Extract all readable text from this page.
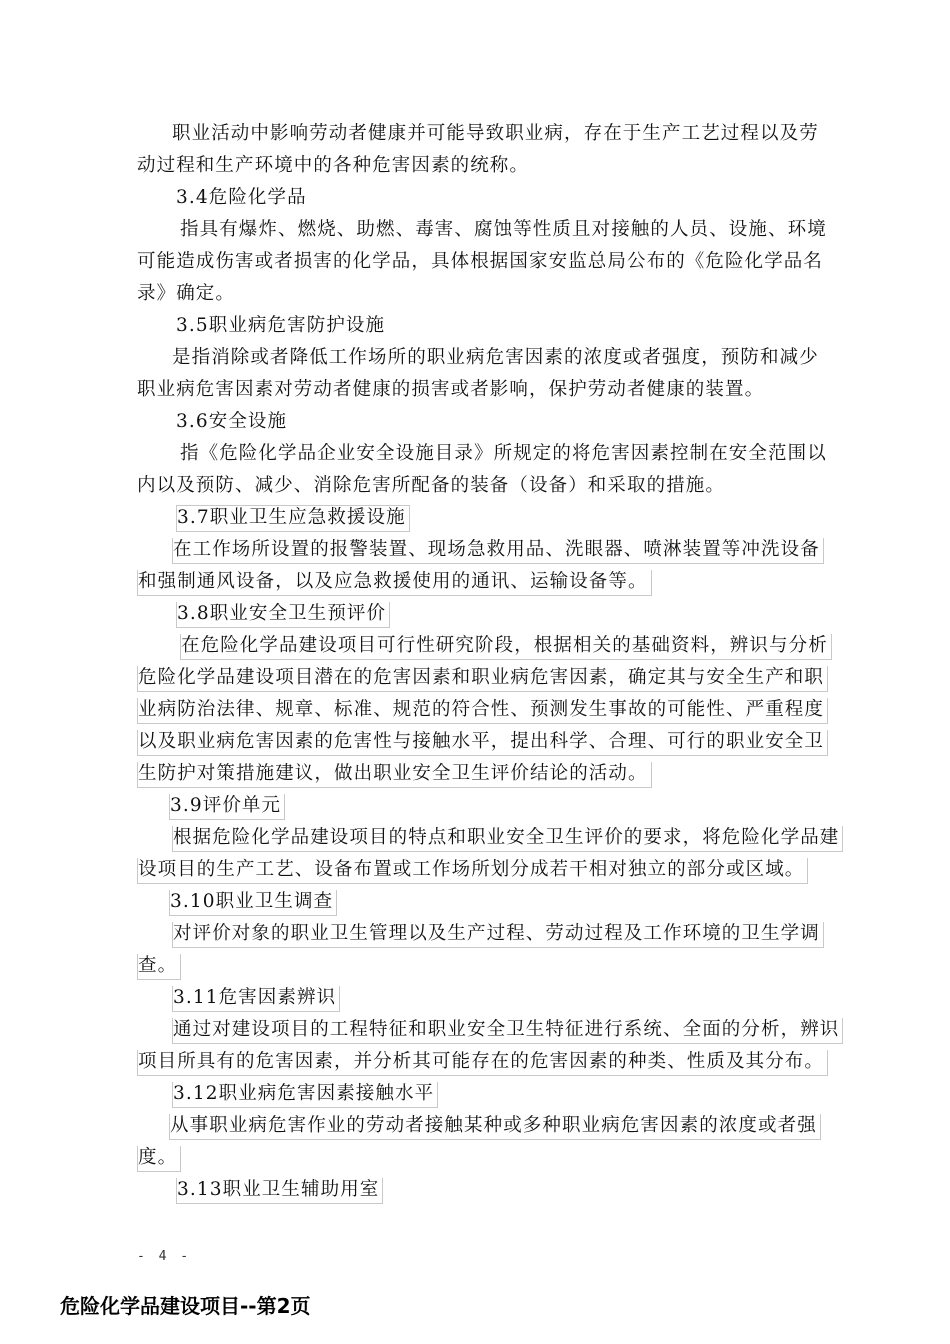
职业活动中影响劳动者健康并可能导致职业病，存在于生产工艺过程以及劳
动过程和生产环境中的各种危害因素的统称。
3.4危险化学品
指具有爆炸、燃烧、助燃、毒害、腐蚀等性质且对接触的人员、设施、环境
可能造成伤害或者损害的化学品，具体根据国家安监总局公布的《危险化学品名
录》确定。
3.5职业病危害防护设施
是指消除或者降低工作场所的职业病危害因素的浓度或者强度，预防和减少
职业病危害因素对劳动者健康的损害或者影响，保护劳动者健康的装置。
3.6安全设施
指《危险化学品企业安全设施目录》所规定的将危害因素控制在安全范围以
内以及预防、减少、消除危害所配备的装备（设备）和采取的措施。
3.7职业卫生应急救援设施
在工作场所设置的报警装置、现场急救用品、洗眼器、喷淋装置等冲洗设备
和强制通风设备，以及应急救援使用的通讯、运输设备等。
3.8职业安全卫生预评价
在危险化学品建设项目可行性研究阶段，根据相关的基础资料，辨识与分析
危险化学品建设项目潜在的危害因素和职业病危害因素，确定其与安全生产和职
业病防治法律、规章、标准、规范的符合性、预测发生事故的可能性、严重程度
以及职业病危害因素的危害性与接触水平，提出科学、合理、可行的职业安全卫
生防护对策措施建议，做出职业安全卫生评价结论的活动。
3.9评价单元
根据危险化学品建设项目的特点和职业安全卫生评价的要求，将危险化学品建
设项目的生产工艺、设备布置或工作场所划分成若干相对独立的部分或区域。
3.10职业卫生调查
对评价对象的职业卫生管理以及生产过程、劳动过程及工作环境的卫生学调
查。
3.11危害因素辨识
通过对建设项目的工程特征和职业安全卫生特征进行系统、全面的分析，辨识
项目所具有的危害因素，并分析其可能存在的危害因素的种类、性质及其分布。
3.12职业病危害因素接触水平
从事职业病危害作业的劳动者接触某种或多种职业病危害因素的浓度或者强
度。
3.13职业卫生辅助用室
- 4 -
危险化学品建设项目--第2页
